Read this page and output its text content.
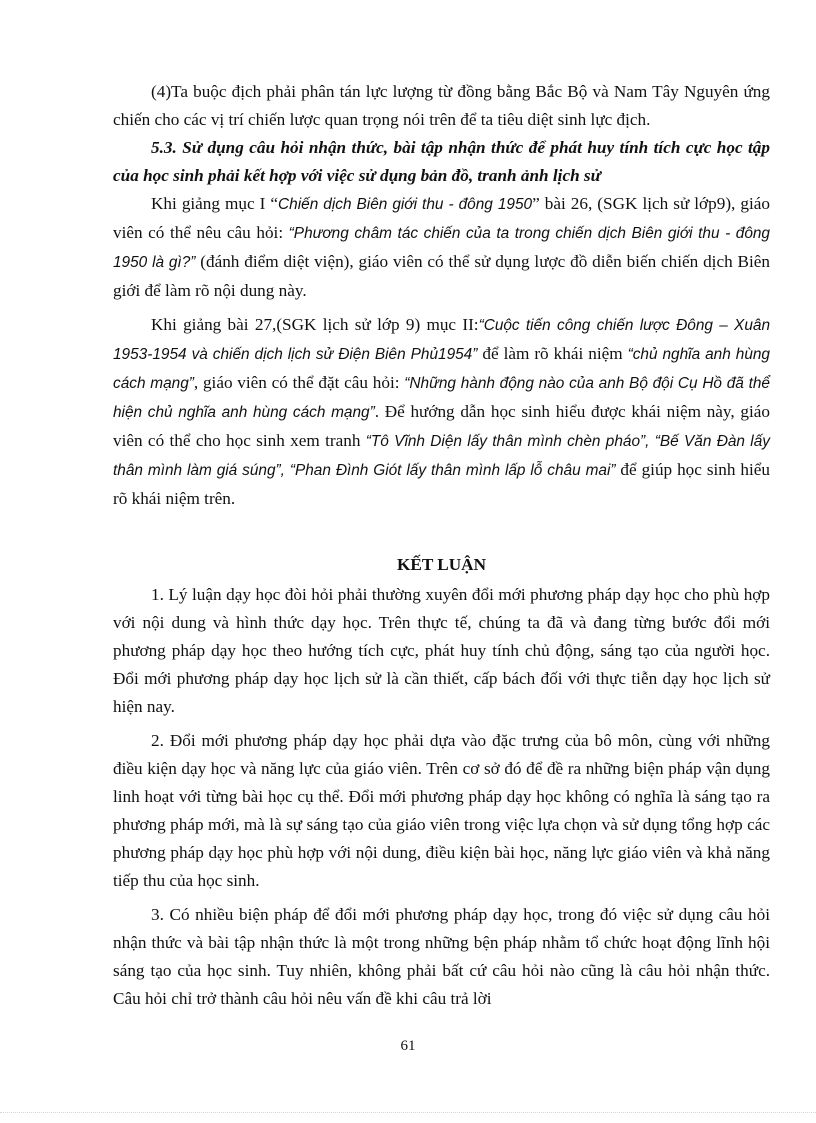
(4)Ta buộc địch phải phân tán lực lượng từ đồng bằng Bắc Bộ và Nam Tây Nguyên ứng chiến cho các vị trí chiến lược quan trọng nói trên để ta tiêu diệt sinh lực địch.

5.3. Sử dụng câu hỏi nhận thức, bài tập nhận thức để phát huy tính tích cực học tập của học sinh phải kết hợp với việc sử dụng bản đồ, tranh ảnh lịch sử

Khi giảng mục I “Chiến dịch Biên giới thu - đông 1950” bài 26, (SGK lịch sử lớp9), giáo viên có thể nêu câu hỏi: “Phương châm tác chiến của ta trong chiến dịch Biên giới thu - đông 1950 là gì?” (đánh điểm diệt viện), giáo viên có thể sử dụng lược đồ diễn biến chiến dịch Biên giới để làm rõ nội dung này.

Khi giảng bài 27,(SGK lịch sử lớp 9) mục II:“Cuộc tiến công chiến lược Đông – Xuân 1953-1954 và chiến dịch lịch sử Điện Biên Phủ1954” để làm rõ khái niệm “chủ nghĩa anh hùng cách mạng”, giáo viên có thể đặt câu hỏi: “Những hành động nào của anh Bộ đội Cụ Hồ đã thể hiện chủ nghĩa anh hùng cách mạng”. Để hướng dẫn học sinh hiểu được khái niệm này, giáo viên có thể cho học sinh xem tranh “Tô Vĩnh Diện lấy thân mình chèn pháo”, “Bế Văn Đàn lấy thân mình làm giá súng”, “Phan Đình Giót lấy thân mình lấp lỗ châu mai” để giúp học sinh hiểu rõ khái niệm trên.

KẾT LUẬN

1. Lý luận dạy học đòi hỏi phải thường xuyên đổi mới phương pháp dạy học cho phù hợp với nội dung và hình thức dạy học. Trên thực tế, chúng ta đã và đang từng bước đổi mới phương pháp dạy học theo hướng tích cực, phát huy tính chủ động, sáng tạo của người học. Đổi mới phương pháp dạy học lịch sử là cần thiết, cấp bách đối với thực tiễn dạy học lịch sử hiện nay.

2. Đổi mới phương pháp dạy học phải dựa vào đặc trưng của bô môn, cùng với những điều kiện dạy học và năng lực của giáo viên. Trên cơ sở đó để đề ra những biện pháp vận dụng linh hoạt với từng bài học cụ thể. Đổi mới phương pháp dạy học không có nghĩa là sáng tạo ra phương pháp mới, mà là sự sáng tạo của giáo viên trong việc lựa chọn và sử dụng tổng hợp các phương pháp dạy học phù hợp với nội dung, điều kiện bài học, năng lực giáo viên và khả năng tiếp thu của học sinh.

3. Có nhiều biện pháp để đổi mới phương pháp dạy học, trong đó việc sử dụng câu hỏi nhận thức và bài tập nhận thức là một trong những bện pháp nhằm tổ chức hoạt động lĩnh hội sáng tạo của học sinh. Tuy nhiên, không phải bất cứ câu hỏi nào cũng là câu hỏi nhận thức. Câu hỏi chỉ trở thành câu hỏi nêu vấn đề khi câu trả lời

61
